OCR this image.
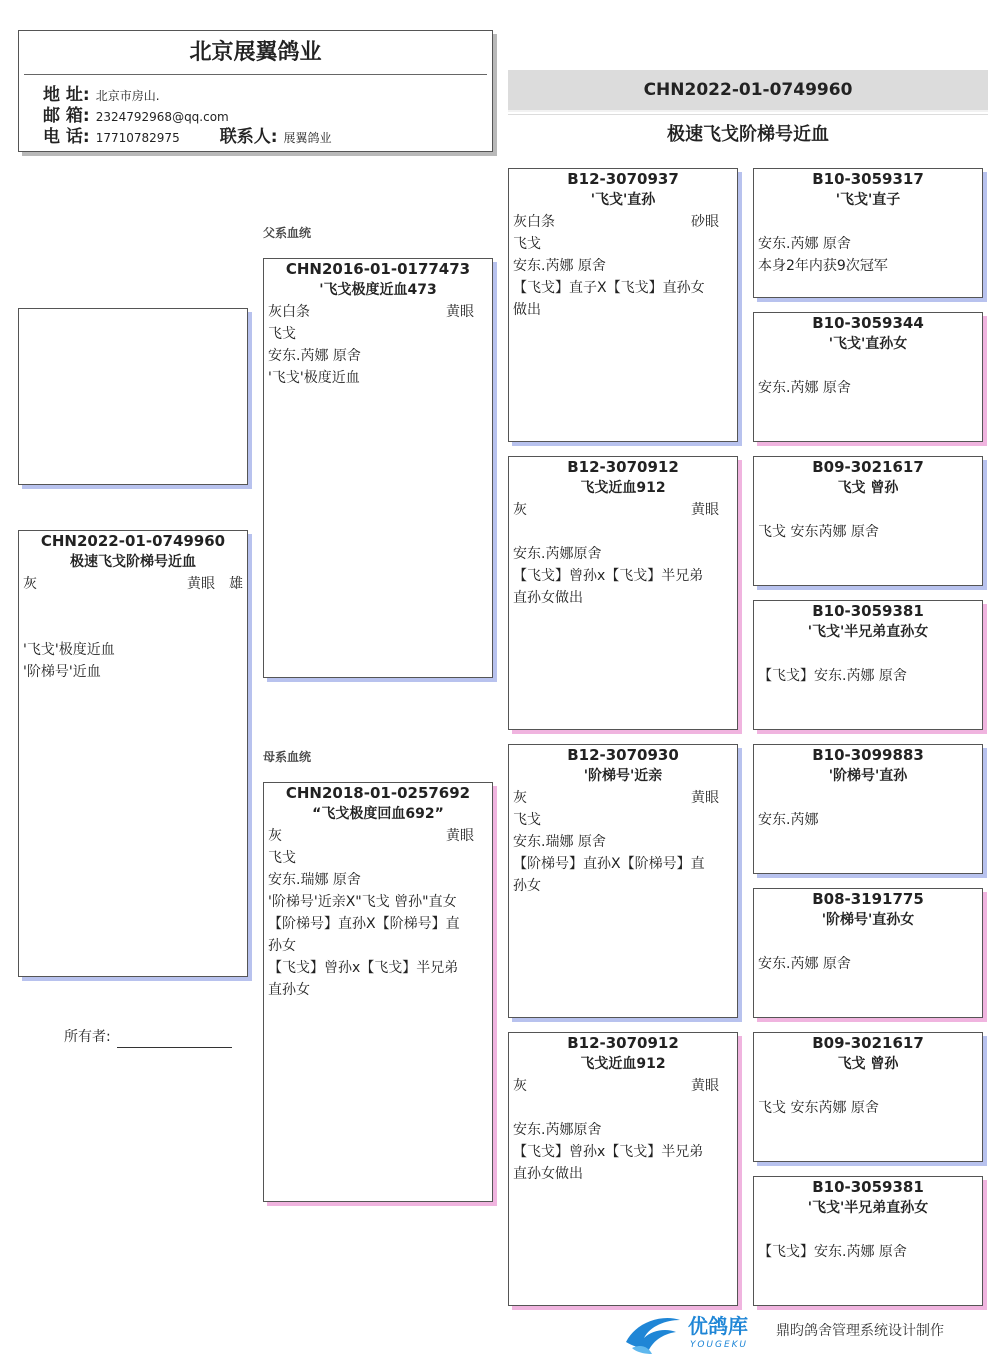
北京展翼鸽业
地 址: 北京市房山.
邮 箱: 2324792968@qq.com
电 话: 17710782975 联系人: 展翼鸽业
CHN2022-01-0749960
极速飞戈阶梯号近血
CHN2022-01-0749960
极速飞戈阶梯号近血
灰	黄眼 雄
'飞戈'极度近血
'阶梯号'近血
所有者:
父系血统
母系血统
CHN2016-01-0177473
'飞戈极度近血473
灰白条	黄眼
飞戈
安东.芮娜 原舍
'飞戈'极度近血
CHN2018-01-0257692
“飞戈极度回血692”
灰	黄眼
飞戈
安东.瑞娜 原舍
'阶梯号'近亲X"飞戈 曾孙"直女
【阶梯号】直孙X【阶梯号】直
孙女
【飞戈】曾孙x【飞戈】半兄弟
直孙女
B12-3070937
'飞戈'直孙
灰白条	砂眼
飞戈
安东.芮娜 原舍
【飞戈】直子X【飞戈】直孙女
做出
B12-3070912
飞戈近血912
灰	黄眼
安东.芮娜原舍
【飞戈】曾孙x【飞戈】半兄弟
直孙女做出
B12-3070930
'阶梯号'近亲
灰	黄眼
飞戈
安东.瑞娜 原舍
【阶梯号】直孙X【阶梯号】直
孙女
B12-3070912
飞戈近血912
灰	黄眼
安东.芮娜原舍
【飞戈】曾孙x【飞戈】半兄弟
直孙女做出
B10-3059317
'飞戈'直子
安东.芮娜 原舍
本身2年内获9次冠军
B10-3059344
'飞戈'直孙女
安东.芮娜 原舍
B09-3021617
飞戈 曾孙
飞戈 安东芮娜 原舍
B10-3059381
'飞戈'半兄弟直孙女
【飞戈】安东.芮娜 原舍
B10-3099883
'阶梯号'直孙
安东.芮娜
B08-3191775
'阶梯号'直孙女
安东.芮娜 原舍
B09-3021617
飞戈 曾孙
飞戈 安东芮娜 原舍
B10-3059381
'飞戈'半兄弟直孙女
【飞戈】安东.芮娜 原舍
优鸽库
YOUGEKU
鼎昀鸽舍管理系统设计制作
